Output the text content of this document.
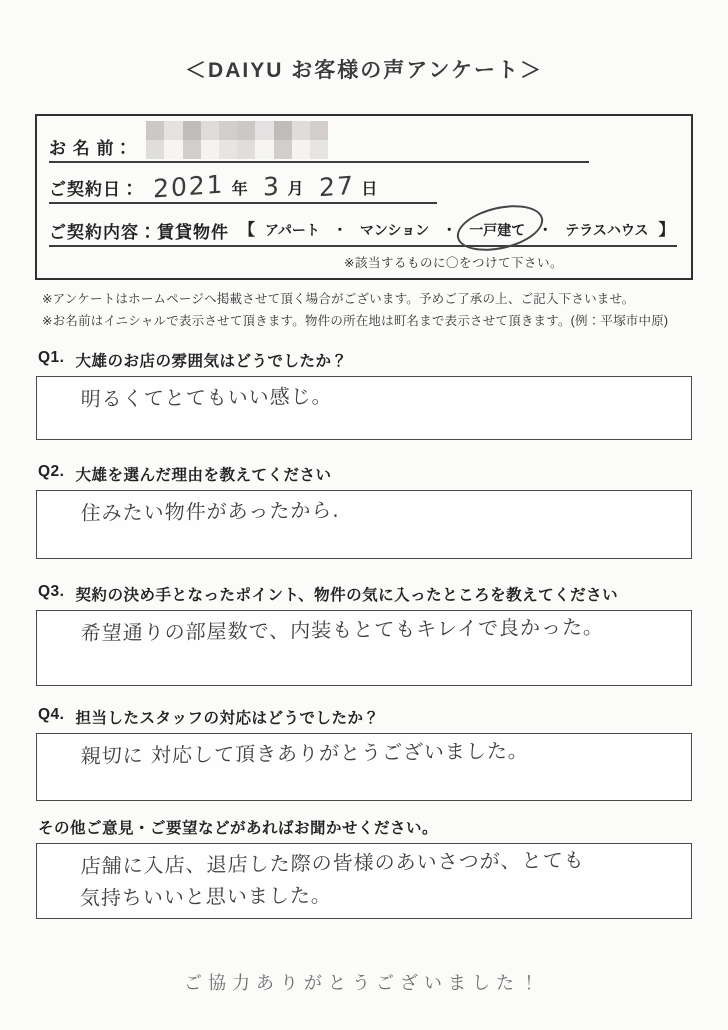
＜DAIYU お客様の声アンケート＞
お 名 前：
ご契約日： 2021 年 3 月 27 日
ご契約内容：賃貸物件 【 アパート ・ マンション ・ 一戸建て ・ テラスハウス 】
※該当するものに〇をつけて下さい。
※アンケートはホームページへ掲載させて頂く場合がございます。予めご了承の上、ご記入下さいませ。
※お名前はイニシャルで表示させて頂きます。物件の所在地は町名まで表示させて頂きます。(例：平塚市中原)
Q1. 大雄のお店の雰囲気はどうでしたか？
明るくてとてもいい感じ。
Q2. 大雄を選んだ理由を教えてください
住みたい物件があったから.
Q3. 契約の決め手となったポイント、物件の気に入ったところを教えてください
希望通りの部屋数で、内装もとてもキレイで良かった。
Q4. 担当したスタッフの対応はどうでしたか？
親切に 対応して頂きありがとうございました。
その他ご意見・ご要望などがあればお聞かせください。
店舗に入店、退店した際の皆様のあいさつが、とても気持ちいいと思いました。
ご協力ありがとうございました！
